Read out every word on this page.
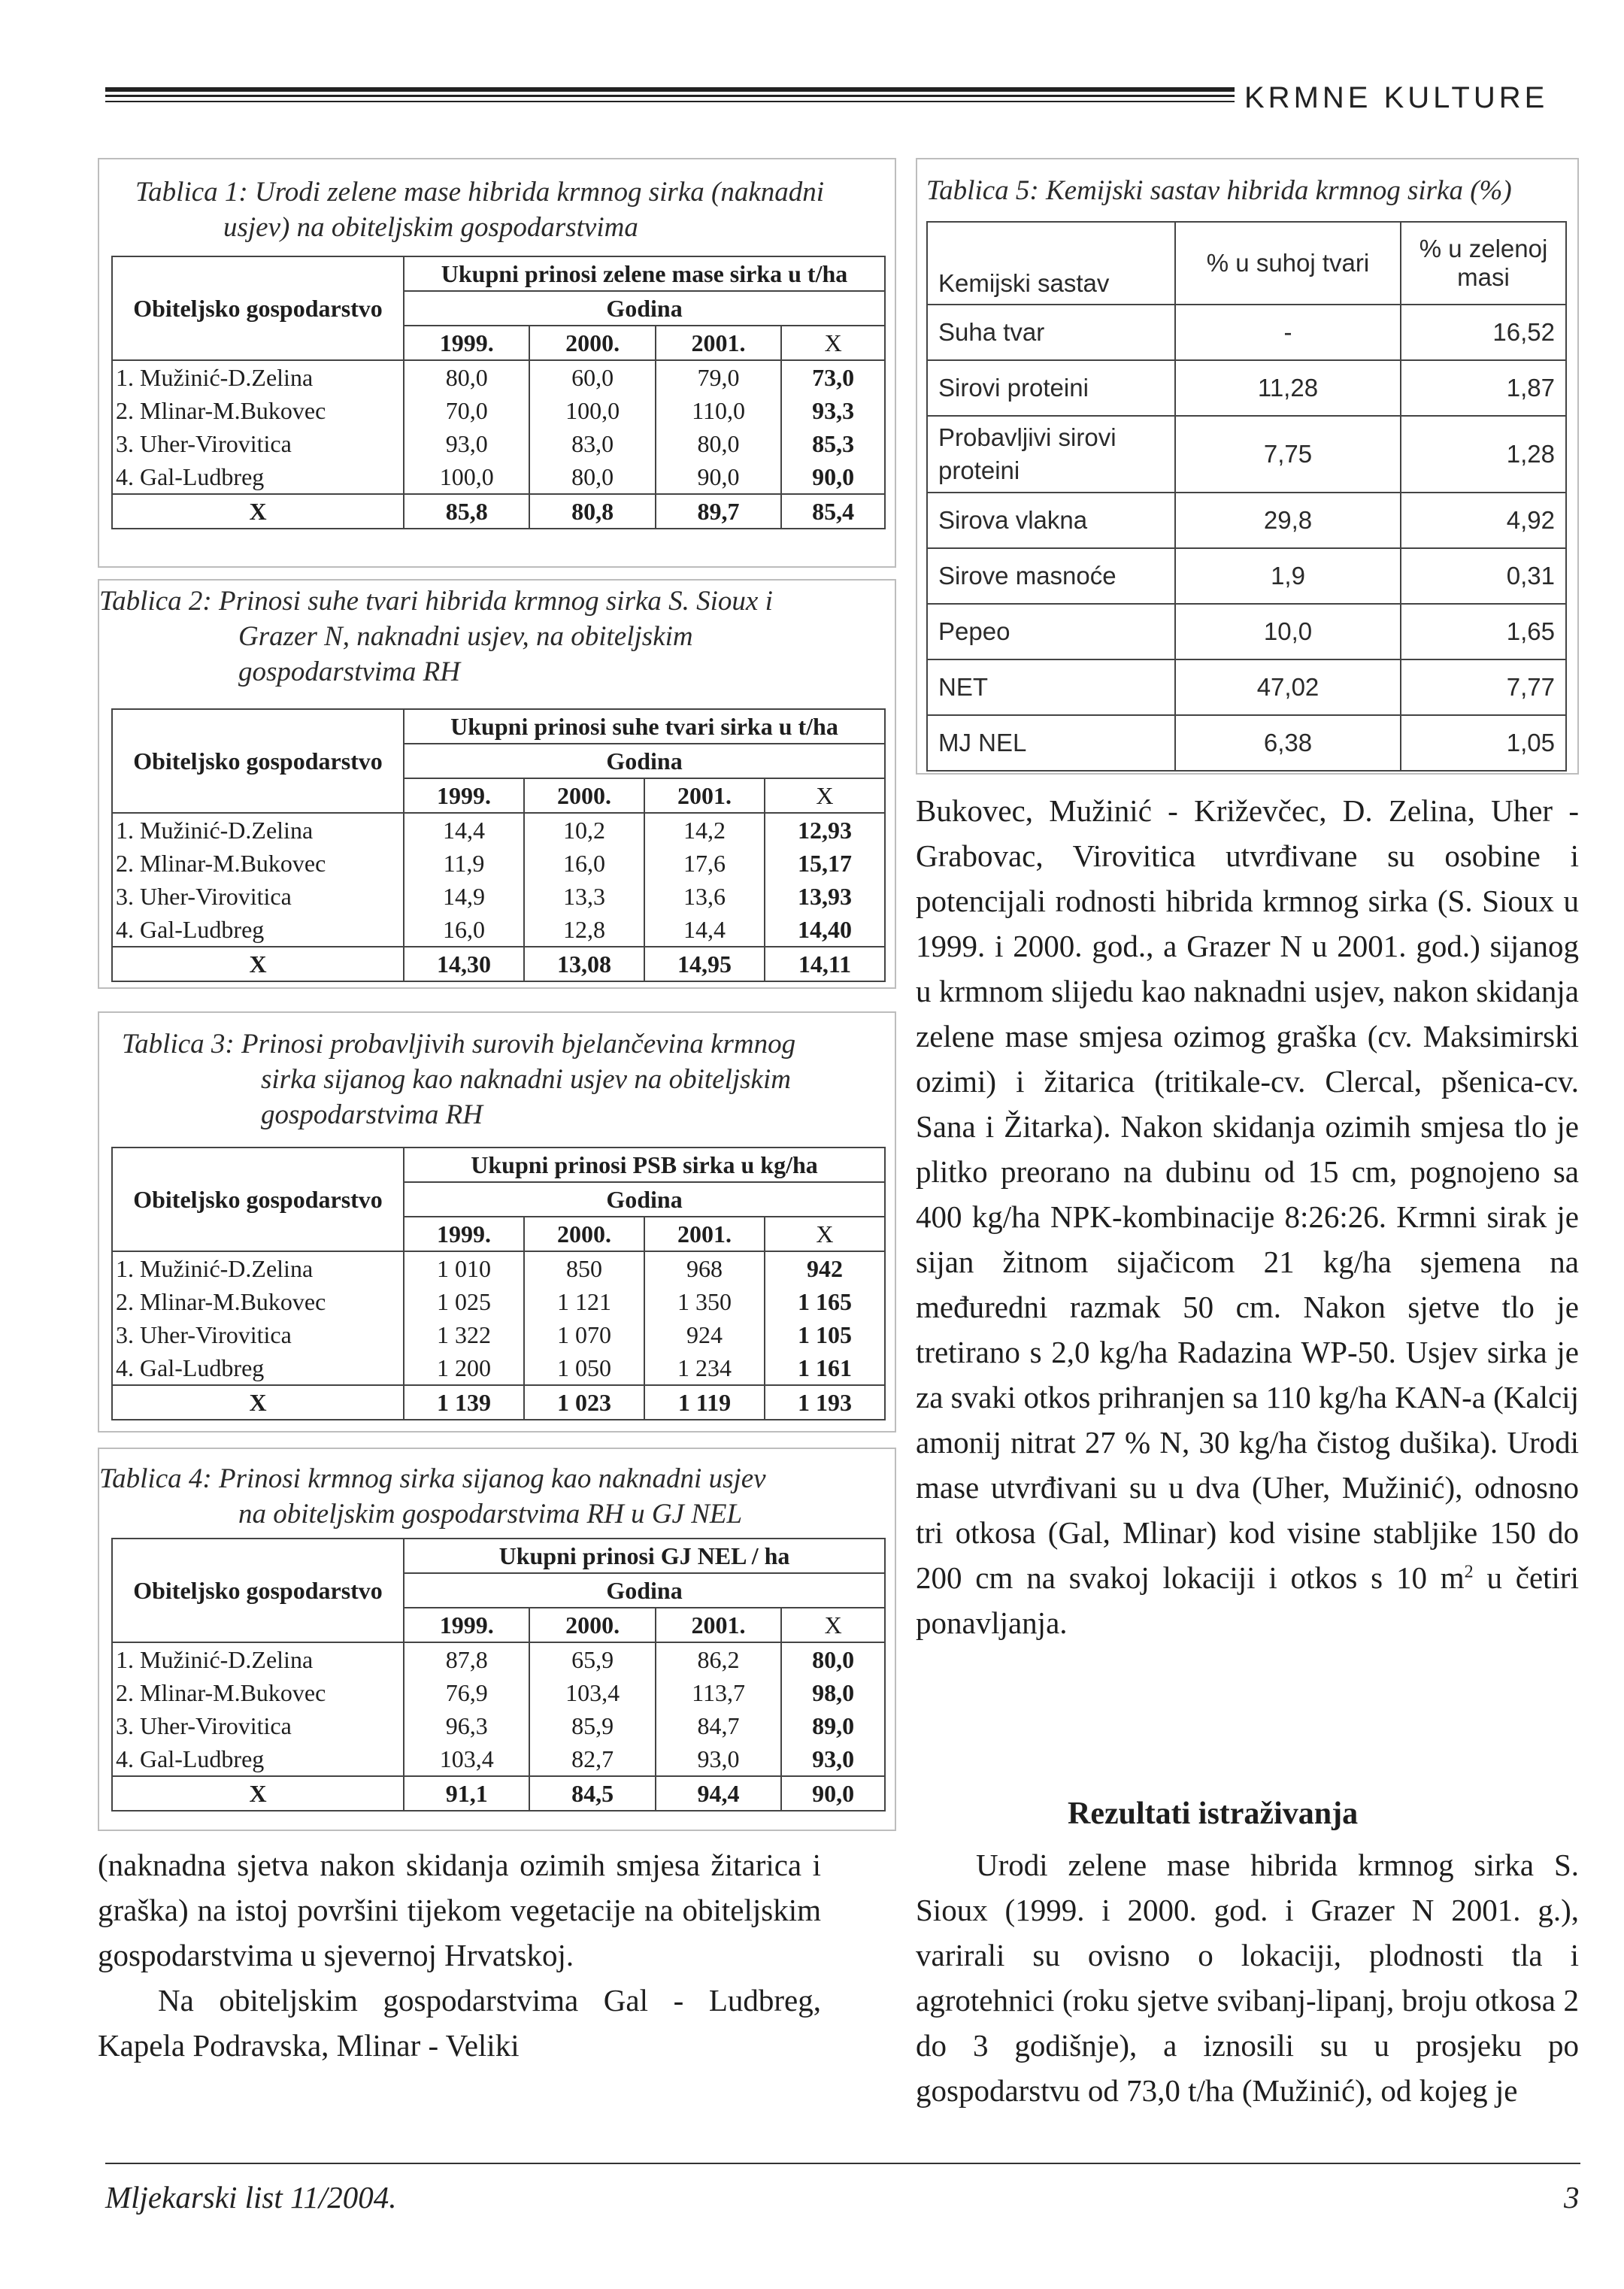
KRMNE KULTURE
Tablica 1: Urodi zelene mase hibrida krmnog sirka (naknadni
usjev) na obiteljskim gospodarstvima
Obiteljsko gospodarstvo	Ukupni prinosi zelene mase sirka u t/ha			
	Godina			
	1999.	2000.	2001.	X
1. Mužinić-D.Zelina	80,0	60,0	79,0	73,0
2. Mlinar-M.Bukovec	70,0	100,0	110,0	93,3
3. Uher-Virovitica	93,0	83,0	80,0	85,3
4. Gal-Ludbreg	100,0	80,0	90,0	90,0
X	85,8	80,8	89,7	85,4
Tablica 2: Prinosi suhe tvari hibrida krmnog sirka S. Sioux i
Grazer N, naknadni usjev, na obiteljskim
gospodarstvima RH
Obiteljsko gospodarstvo	Ukupni prinosi suhe tvari sirka u t/ha			
	Godina			
	1999.	2000.	2001.	X
1. Mužinić-D.Zelina	14,4	10,2	14,2	12,93
2. Mlinar-M.Bukovec	11,9	16,0	17,6	15,17
3. Uher-Virovitica	14,9	13,3	13,6	13,93
4. Gal-Ludbreg	16,0	12,8	14,4	14,40
X	14,30	13,08	14,95	14,11
Tablica 3: Prinosi probavljivih surovih bjelančevina krmnog
sirka sijanog kao naknadni usjev na obiteljskim
gospodarstvima RH
Obiteljsko gospodarstvo	Ukupni prinosi PSB sirka u kg/ha			
	Godina			
	1999.	2000.	2001.	X
1. Mužinić-D.Zelina	1 010	850	968	942
2. Mlinar-M.Bukovec	1 025	1 121	1 350	1 165
3. Uher-Virovitica	1 322	1 070	924	1 105
4. Gal-Ludbreg	1 200	1 050	1 234	1 161
X	1 139	1 023	1 119	1 193
Tablica 4: Prinosi krmnog sirka sijanog kao naknadni usjev
na obiteljskim gospodarstvima RH u GJ NEL
Obiteljsko gospodarstvo	Ukupni prinosi GJ NEL / ha			
	Godina			
	1999.	2000.	2001.	X
1. Mužinić-D.Zelina	87,8	65,9	86,2	80,0
2. Mlinar-M.Bukovec	76,9	103,4	113,7	98,0
3. Uher-Virovitica	96,3	85,9	84,7	89,0
4. Gal-Ludbreg	103,4	82,7	93,0	93,0
X	91,1	84,5	94,4	90,0
Tablica 5: Kemijski sastav hibrida krmnog sirka (%)
Kemijski sastav	% u suhoj tvari	% u zelenoj masi
Suha tvar	-	16,52
Sirovi proteini	11,28	1,87
Probavljivi sirovi proteini	7,75	1,28
Sirova vlakna	29,8	4,92
Sirove masnoće	1,9	0,31
Pepeo	10,0	1,65
NET	47,02	7,77
MJ NEL	6,38	1,05

(naknadna sjetva nakon skidanja ozimih smjesa žitarica i graška) na istoj površini tijekom vegetacije na obiteljskim gospodarstvima u sjevernoj Hrvatskoj.

Na obiteljskim gospodarstvima Gal - Ludbreg, Kapela Podravska, Mlinar - Veliki

Bukovec, Mužinić - Križevčec, D. Zelina, Uher - Grabovac, Virovitica utvrđivane su osobine i potencijali rodnosti hibrida krmnog sirka (S. Sioux u 1999. i 2000. god., a Grazer N u 2001. god.) sijanog u krmnom slijedu kao naknadni usjev, nakon skidanja zelene mase smjesa ozimog graška (cv. Maksimirski ozimi) i žitarica (tritikale-cv. Clercal, pšenica-cv. Sana i Žitarka). Nakon skidanja ozimih smjesa tlo je plitko preorano na dubinu od 15 cm, pognojeno sa 400 kg/ha NPK-kombinacije 8:26:26. Krmni sirak je sijan žitnom sijačicom 21 kg/ha sjemena na međuredni razmak 50 cm. Nakon sjetve tlo je tretirano s 2,0 kg/ha Radazina WP-50. Usjev sirka je za svaki otkos prihranjen sa 110 kg/ha KAN-a (Kalcij amonij nitrat 27 % N, 30 kg/ha čistog dušika). Urodi mase utvrđivani su u dva (Uher, Mužinić), odnosno tri otkosa (Gal, Mlinar) kod visine stabljike 150 do 200 cm na svakoj lokaciji i otkos s 10 $m^2$ u četiri ponavljanja.

Rezultati istraživanja

Urodi zelene mase hibrida krmnog sirka S. Sioux (1999. i 2000. god. i Grazer N 2001. g.), varirali su ovisno o lokaciji, plodnosti tla i agrotehnici (roku sjetve svibanj-lipanj, broju otkosa 2 do 3 godišnje), a iznosili su u prosjeku po gospodarstvu od 73,0 t/ha (Mužinić), od kojeg je

Mljekarski list 11/2004.	3
